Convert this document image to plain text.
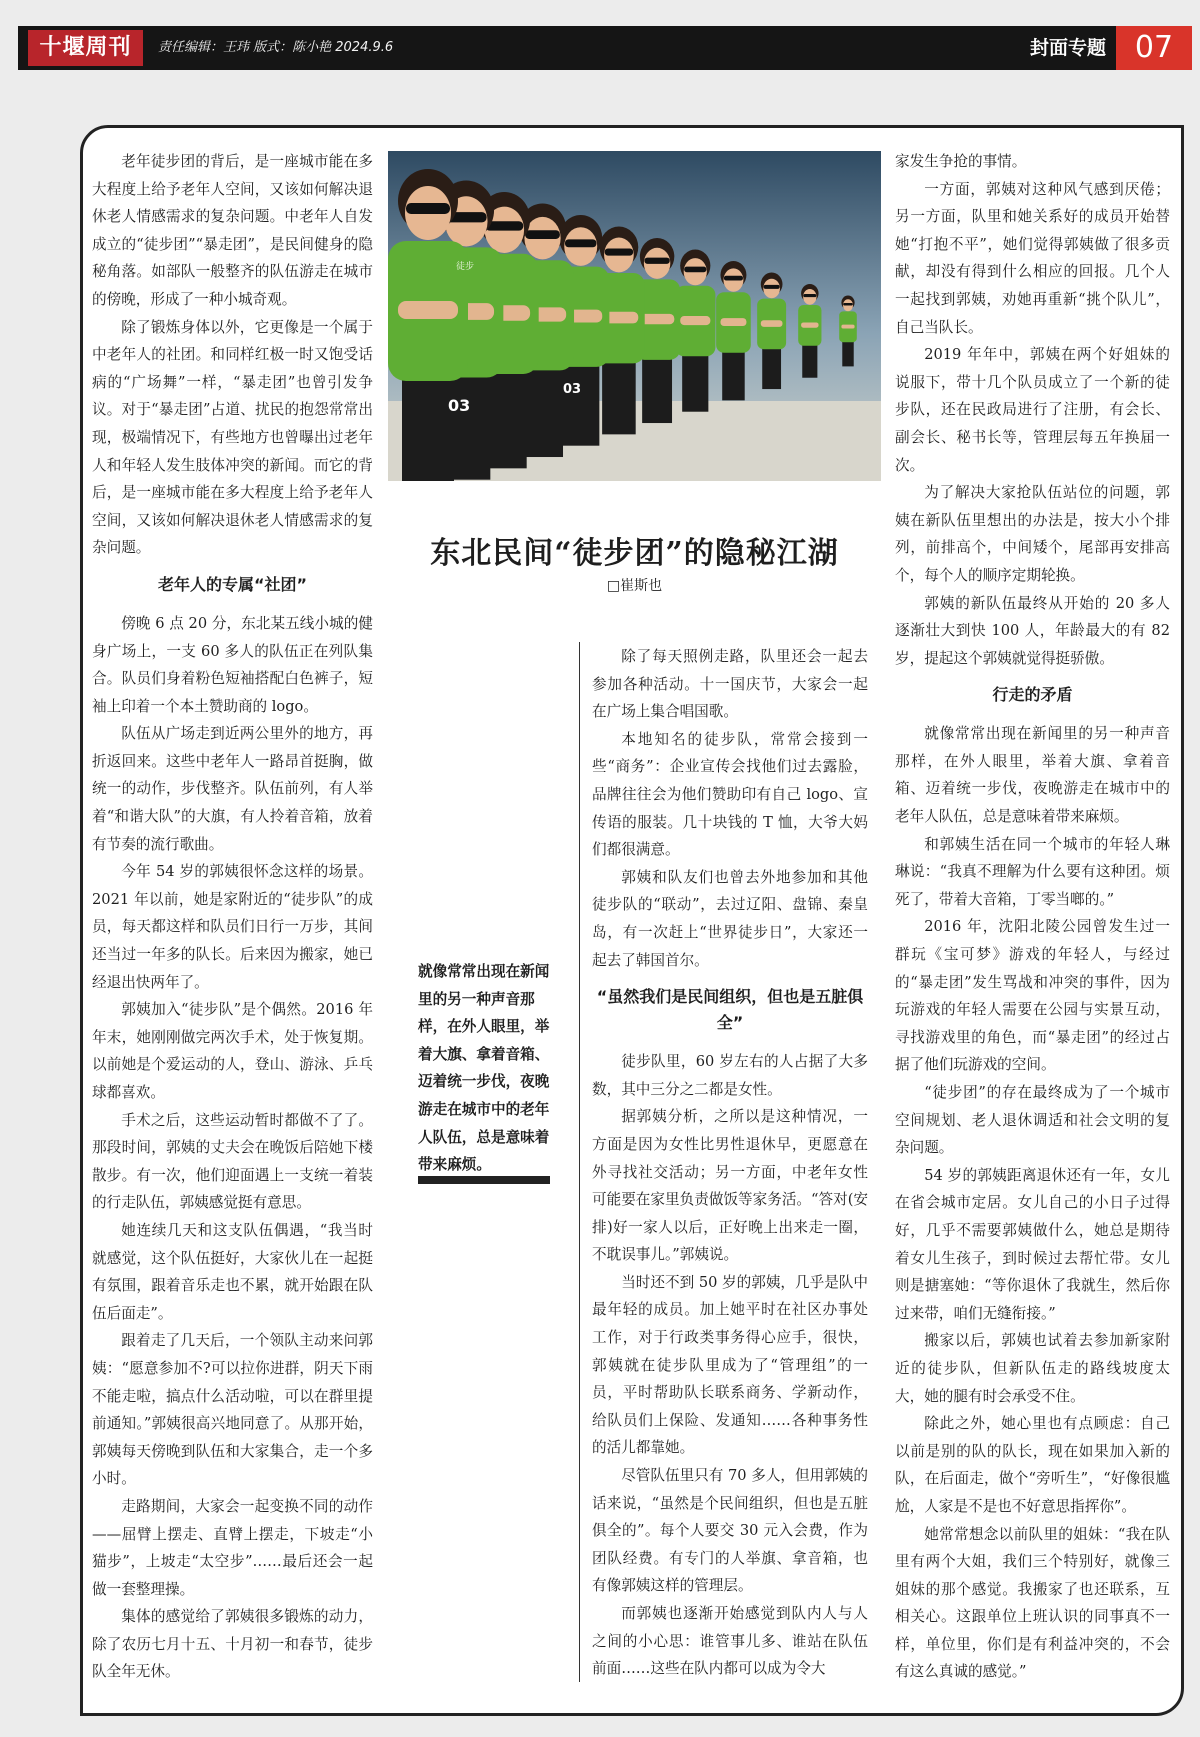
十堰周刊	责任编辑：王玮 版式：陈小艳 2024.9.6	封面专题 07

老年徒步团的背后，是一座城市能在多大程度上给予老年人空间，又该如何解决退休老人情感需求的复杂问题。中老年人自发成立的“徒步团”“暴走团”，是民间健身的隐秘角落。如部队一般整齐的队伍游走在城市的傍晚，形成了一种小城奇观。

除了锻炼身体以外，它更像是一个属于中老年人的社团。和同样红极一时又饱受话病的“广场舞”一样，“暴走团”也曾引发争议。对于“暴走团”占道、扰民的抱怨常常出现，极端情况下，有些地方也曾曝出过老年人和年轻人发生肢体冲突的新闻。而它的背后，是一座城市能在多大程度上给予老年人空间，又该如何解决退休老人情感需求的复杂问题。

老年人的专属“社团”

傍晚 6 点 20 分，东北某五线小城的健身广场上，一支 60 多人的队伍正在列队集合。队员们身着粉色短袖搭配白色裤子，短袖上印着一个本土赞助商的 logo。

队伍从广场走到近两公里外的地方，再折返回来。这些中老年人一路昂首挺胸，做统一的动作，步伐整齐。队伍前列，有人举着“和谐大队”的大旗，有人拎着音箱，放着有节奏的流行歌曲。

今年 54 岁的郭姨很怀念这样的场景。2021 年以前，她是家附近的“徒步队”的成员，每天都这样和队员们日行一万步，其间还当过一年多的队长。后来因为搬家，她已经退出快两年了。

郭姨加入“徒步队”是个偶然。2016 年年末，她刚刚做完两次手术，处于恢复期。以前她是个爱运动的人，登山、游泳、乒乓球都喜欢。

手术之后，这些运动暂时都做不了了。那段时间，郭姨的丈夫会在晚饭后陪她下楼散步。有一次，他们迎面遇上一支统一着装的行走队伍，郭姨感觉挺有意思。

她连续几天和这支队伍偶遇，“我当时就感觉，这个队伍挺好，大家伙儿在一起挺有氛围，跟着音乐走也不累，就开始跟在队伍后面走”。

跟着走了几天后，一个领队主动来问郭姨：“愿意参加不?可以拉你进群，阴天下雨不能走啦，搞点什么活动啦，可以在群里提前通知。”郭姨很高兴地同意了。从那开始，郭姨每天傍晚到队伍和大家集合，走一个多小时。

走路期间，大家会一起变换不同的动作——屈臂上摆走、直臂上摆走，下坡走“小猫步”，上坡走“太空步”……最后还会一起做一套整理操。

集体的感觉给了郭姨很多锻炼的动力，除了农历七月十五、十月初一和春节，徒步队全年无休。

03
03
徒步
东北民间“徒步团”的隐秘江湖
□崔斯也
就像常常出现在新闻里的另一种声音那样，在外人眼里，举着大旗、拿着音箱、迈着统一步伐，夜晚游走在城市中的老年人队伍，总是意味着带来麻烦。

除了每天照例走路，队里还会一起去参加各种活动。十一国庆节，大家会一起在广场上集合唱国歌。

本地知名的徒步队，常常会接到一些“商务”：企业宣传会找他们过去露脸，品牌往往会为他们赞助印有自己 logo、宣传语的服装。几十块钱的 T 恤，大爷大妈们都很满意。

郭姨和队友们也曾去外地参加和其他徒步队的“联动”，去过辽阳、盘锦、秦皇岛，有一次赶上“世界徒步日”，大家还一起去了韩国首尔。

“虽然我们是民间组织，但也是五脏俱全”

徒步队里，60 岁左右的人占据了大多数，其中三分之二都是女性。

据郭姨分析，之所以是这种情况，一方面是因为女性比男性退休早，更愿意在外寻找社交活动；另一方面，中老年女性可能要在家里负责做饭等家务活。“答对(安排)好一家人以后，正好晚上出来走一圈，不耽误事儿。”郭姨说。

当时还不到 50 岁的郭姨，几乎是队中最年轻的成员。加上她平时在社区办事处工作，对于行政类事务得心应手，很快，郭姨就在徒步队里成为了“管理组”的一员，平时帮助队长联系商务、学新动作，给队员们上保险、发通知……各种事务性的活儿都靠她。

尽管队伍里只有 70 多人，但用郭姨的话来说，“虽然是个民间组织，但也是五脏俱全的”。每个人要交 30 元入会费，作为团队经费。有专门的人举旗、拿音箱，也有像郭姨这样的管理层。

而郭姨也逐渐开始感觉到队内人与人之间的小心思：谁管事儿多、谁站在队伍前面……这些在队内都可以成为令大

家发生争抢的事情。

一方面，郭姨对这种风气感到厌倦；另一方面，队里和她关系好的成员开始替她“打抱不平”，她们觉得郭姨做了很多贡献，却没有得到什么相应的回报。几个人一起找到郭姨，劝她再重新“挑个队儿”，自己当队长。

2019 年年中，郭姨在两个好姐妹的说服下，带十几个队员成立了一个新的徒步队，还在民政局进行了注册，有会长、副会长、秘书长等，管理层每五年换届一次。

为了解决大家抢队伍站位的问题，郭姨在新队伍里想出的办法是，按大小个排列，前排高个，中间矮个，尾部再安排高个，每个人的顺序定期轮换。

郭姨的新队伍最终从开始的 20 多人逐渐壮大到快 100 人，年龄最大的有 82 岁，提起这个郭姨就觉得挺骄傲。

行走的矛盾

就像常常出现在新闻里的另一种声音那样，在外人眼里，举着大旗、拿着音箱、迈着统一步伐，夜晚游走在城市中的老年人队伍，总是意味着带来麻烦。

和郭姨生活在同一个城市的年轻人琳琳说：“我真不理解为什么要有这种团。烦死了，带着大音箱，丁零当啷的。”

2016 年，沈阳北陵公园曾发生过一群玩《宝可梦》游戏的年轻人，与经过的“暴走团”发生骂战和冲突的事件，因为玩游戏的年轻人需要在公园与实景互动，寻找游戏里的角色，而“暴走团”的经过占据了他们玩游戏的空间。

“徒步团”的存在最终成为了一个城市空间规划、老人退休调适和社会文明的复杂问题。

54 岁的郭姨距离退休还有一年，女儿在省会城市定居。女儿自己的小日子过得好，几乎不需要郭姨做什么，她总是期待着女儿生孩子，到时候过去帮忙带。女儿则是搪塞她：“等你退休了我就生，然后你过来带，咱们无缝衔接。”

搬家以后，郭姨也试着去参加新家附近的徒步队，但新队伍走的路线坡度太大，她的腿有时会承受不住。

除此之外，她心里也有点顾虑：自己以前是别的队的队长，现在如果加入新的队，在后面走，做个“旁听生”，“好像很尴尬，人家是不是也不好意思指挥你”。

她常常想念以前队里的姐妹：“我在队里有两个大姐，我们三个特别好，就像三姐妹的那个感觉。我搬家了也还联系，互相关心。这跟单位上班认识的同事真不一样，单位里，你们是有利益冲突的，不会有这么真诚的感觉。”
